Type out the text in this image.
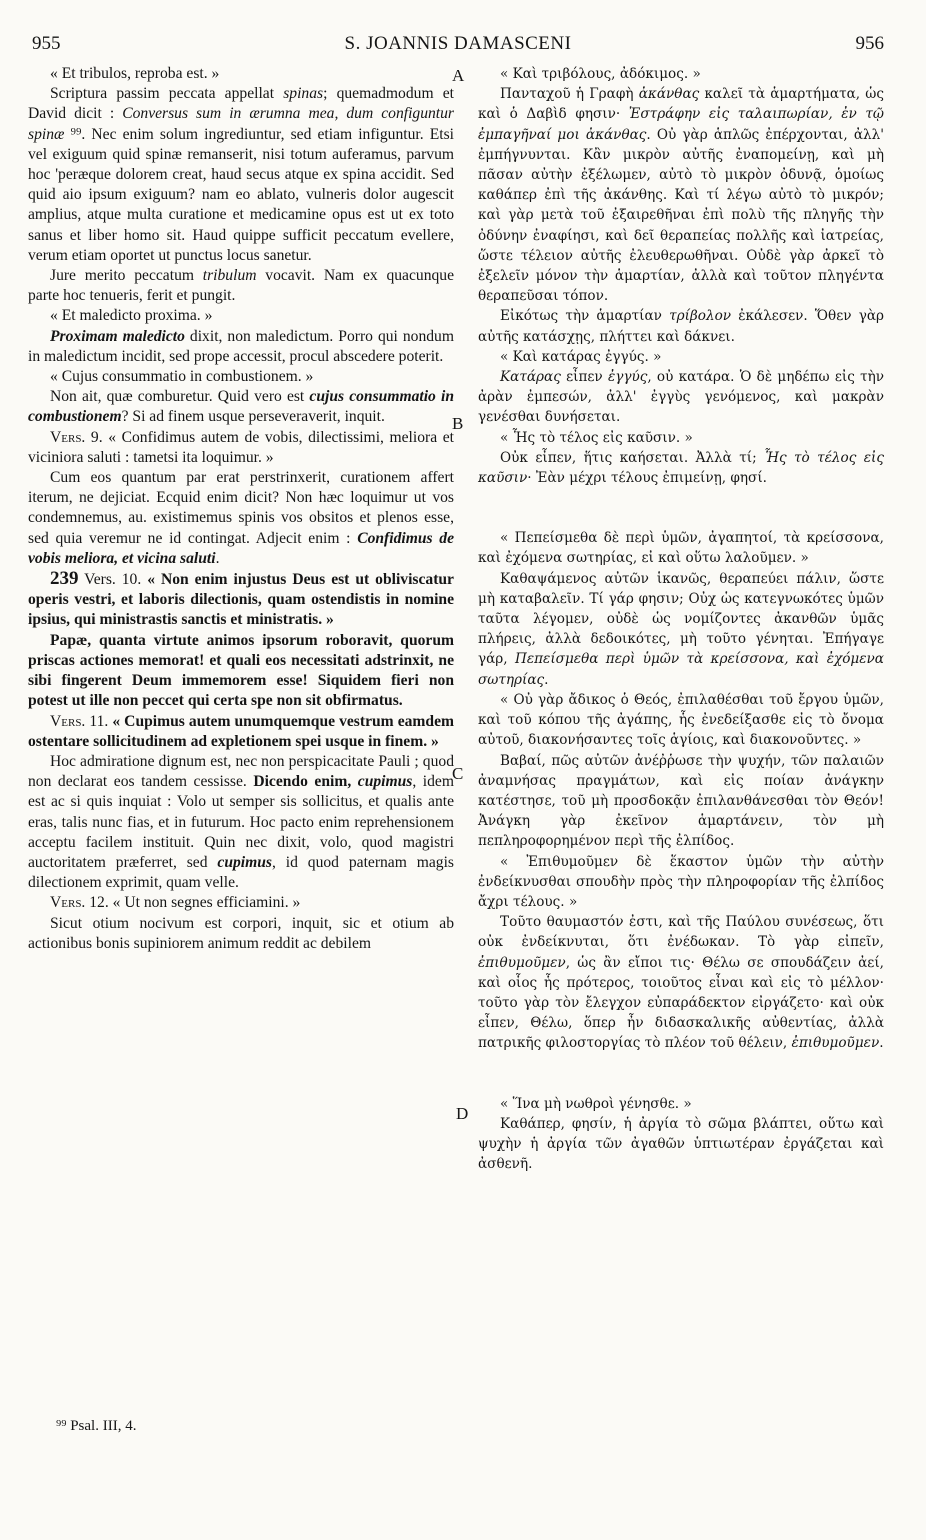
955	S. JOANNIS DAMASCENI	956

« Et tribulos, reproba est. »

Scriptura passim peccata appellat spinas; quemadmodum et David dicit : Conversus sum in ærumna mea, dum configuntur spinæ ⁹⁹. Nec enim solum ingrediuntur, sed etiam infiguntur. Etsi vel exiguum quid spinæ remanserit, nisi totum auferamus, parvum hoc 'peræque dolorem creat, haud secus atque ex spina accidit. Sed quid aio ipsum exiguum? nam eo ablato, vulneris dolor augescit amplius, atque multa curatione et medicamine opus est ut ex toto sanus et liber homo sit. Haud quippe sufficit peccatum evellere, verum etiam oportet ut punctus locus sanetur.

Jure merito peccatum tribulum vocavit. Nam ex quacunque parte hoc tenueris, ferit et pungit.

« Et maledicto proxima. »

Proximam maledicto dixit, non maledictum. Porro qui nondum in maledictum incidit, sed prope accessit, procul abscedere poterit.

« Cujus consummatio in combustionem. »

Non ait, quæ comburetur. Quid vero est cujus consummatio in combustionem? Si ad finem usque perseveraverit, inquit.

Vers. 9. « Confidimus autem de vobis, dilectissimi, meliora et viciniora saluti : tametsi ita loquimur. »

Cum eos quantum par erat perstrinxerit, curationem affert iterum, ne dejiciat. Ecquid enim dicit? Non hæc loquimur ut vos condemnemus, au. existimemus spinis vos obsitos et plenos esse, sed quia veremur ne id contingat. Adjecit enim : Confidimus de vobis meliora, et vicina saluti.

239 Vers. 10. « Non enim injustus Deus est ut obliviscatur operis vestri, et laboris dilectionis, quam ostendistis in nomine ipsius, qui ministrastis sanctis et ministratis. »

Papæ, quanta virtute animos ipsorum roboravit, quorum priscas actiones memorat! et quali eos necessitati adstrinxit, ne sibi fingerent Deum immemorem esse! Siquidem fieri non potest ut ille non peccet qui certa spe non sit obfirmatus.

Vers. 11. « Cupimus autem unumquemque vestrum eamdem ostentare sollicitudinem ad expletionem spei usque in finem. »

Hoc admiratione dignum est, nec non perspicacitate Pauli ; quod non declarat eos tandem cessisse. Dicendo enim, cupimus, idem est ac si quis inquiat : Volo ut semper sis sollicitus, et qualis ante eras, talis nunc fias, et in futurum. Hoc pacto enim reprehensionem acceptu facilem instituit. Quin nec dixit, volo, quod magistri auctoritatem præferret, sed cupimus, id quod paternam magis dilectionem exprimit, quam velle.

Vers. 12. « Ut non segnes efficiamini. »

Sicut otium nocivum est corpori, inquit, sic et otium ab actionibus bonis supiniorem animum reddit ac debilem

« Καὶ τριβόλους, ἀδόκιμος. »

Πανταχοῦ ἡ Γραφὴ ἀκάνθας καλεῖ τὰ ἁμαρτήματα, ὡς καὶ ὁ Δαβὶδ φησιν· Ἐστράφην εἰς ταλαιπωρίαν, ἐν τῷ ἐμπαγῆναί μοι ἀκάνθας. Οὐ γὰρ ἁπλῶς ἐπέρχονται, ἀλλ' ἐμπήγνυνται. Κἂν μικρὸν αὐτῆς ἐναπομείνῃ, καὶ μὴ πᾶσαν αὐτὴν ἐξέλωμεν, αὐτὸ τὸ μικρὸν ὀδυνᾷ, ὁμοίως καθάπερ ἐπὶ τῆς ἀκάνθης. Καὶ τί λέγω αὐτὸ τὸ μικρόν; καὶ γὰρ μετὰ τοῦ ἐξαιρεθῆναι ἐπὶ πολὺ τῆς πληγῆς τὴν ὀδύνην ἐναφίησι, καὶ δεῖ θεραπείας πολλῆς καὶ ἰατρείας, ὥστε τέλειον αὐτῆς ἐλευθερωθῆναι. Οὐδὲ γὰρ ἀρκεῖ τὸ ἐξελεῖν μόνον τὴν ἁμαρτίαν, ἀλλὰ καὶ τοῦτον πληγέντα θεραπεῦσαι τόπον.

Εἰκότως τὴν ἁμαρτίαν τρίβολον ἐκάλεσεν. Ὅθεν γὰρ αὐτῆς κατάσχῃς, πλήττει καὶ δάκνει.

« Καὶ κατάρας ἐγγύς. »

Κατάρας εἶπεν ἐγγύς, οὐ κατάρα. Ὁ δὲ μηδέπω εἰς τὴν ἀρὰν ἐμπεσών, ἀλλ' ἐγγὺς γενόμενος, καὶ μακρὰν γενέσθαι δυνήσεται.

« Ἧς τὸ τέλος εἰς καῦσιν. »

Οὐκ εἶπεν, ἥτις καήσεται. Ἀλλὰ τί; Ἧς τὸ τέλος εἰς καῦσιν· Ἐὰν μέχρι τέλους ἐπιμείνῃ, φησί.

« Πεπείσμεθα δὲ περὶ ὑμῶν, ἀγαπητοί, τὰ κρείσσονα, καὶ ἐχόμενα σωτηρίας, εἰ καὶ οὕτω λαλοῦμεν. »

Καθαψάμενος αὐτῶν ἱκανῶς, θεραπεύει πάλιν, ὥστε μὴ καταβαλεῖν. Τί γάρ φησιν; Οὐχ ὡς κατεγνωκότες ὑμῶν ταῦτα λέγομεν, οὐδὲ ὡς νομίζοντες ἀκανθῶν ὑμᾶς πλήρεις, ἀλλὰ δεδοικότες, μὴ τοῦτο γένηται. Ἐπήγαγε γάρ, Πεπείσμεθα περὶ ὑμῶν τὰ κρείσσονα, καὶ ἐχόμενα σωτηρίας.

« Οὐ γὰρ ἄδικος ὁ Θεός, ἐπιλαθέσθαι τοῦ ἔργου ὑμῶν, καὶ τοῦ κόπου τῆς ἀγάπης, ἧς ἐνεδείξασθε εἰς τὸ ὄνομα αὐτοῦ, διακονήσαντες τοῖς ἁγίοις, καὶ διακονοῦντες. »

Βαβαί, πῶς αὐτῶν ἀνέῤῥωσε τὴν ψυχήν, τῶν παλαιῶν ἀναμνήσας πραγμάτων, καὶ εἰς ποίαν ἀνάγκην κατέστησε, τοῦ μὴ προσδοκᾷν ἐπιλανθάνεσθαι τὸν Θεόν! Ἀνάγκη γὰρ ἐκεῖνον ἁμαρτάνειν, τὸν μὴ πεπληροφορημένον περὶ τῆς ἐλπίδος.

« Ἐπιθυμοῦμεν δὲ ἕκαστον ὑμῶν τὴν αὐτὴν ἐνδείκνυσθαι σπουδὴν πρὸς τὴν πληροφορίαν τῆς ἐλπίδος ἄχρι τέλους. »

Τοῦτο θαυμαστόν ἐστι, καὶ τῆς Παύλου συνέσεως, ὅτι οὐκ ἐνδείκνυται, ὅτι ἐνέδωκαν. Τὸ γὰρ εἰπεῖν, ἐπιθυμοῦμεν, ὡς ἂν εἴποι τις· Θέλω σε σπουδάζειν ἀεί, καὶ οἷος ἧς πρότερος, τοιοῦτος εἶναι καὶ εἰς τὸ μέλλον· τοῦτο γὰρ τὸν ἔλεγχον εὐπαράδεκτον εἰργάζετο· καὶ οὐκ εἶπεν, Θέλω, ὅπερ ἦν διδασκαλικῆς αὐθεντίας, ἀλλὰ πατρικῆς φιλοστοργίας τὸ πλέον τοῦ θέλειν, ἐπιθυμοῦμεν.

« Ἵνα μὴ νωθροὶ γένησθε. »

Καθάπερ, φησίν, ἡ ἀργία τὸ σῶμα βλάπτει, οὕτω καὶ ψυχὴν ἡ ἀργία τῶν ἀγαθῶν ὑπτιωτέραν ἐργάζεται καὶ ἀσθενῆ.

A
B
C
D
⁹⁹ Psal. III, 4.
